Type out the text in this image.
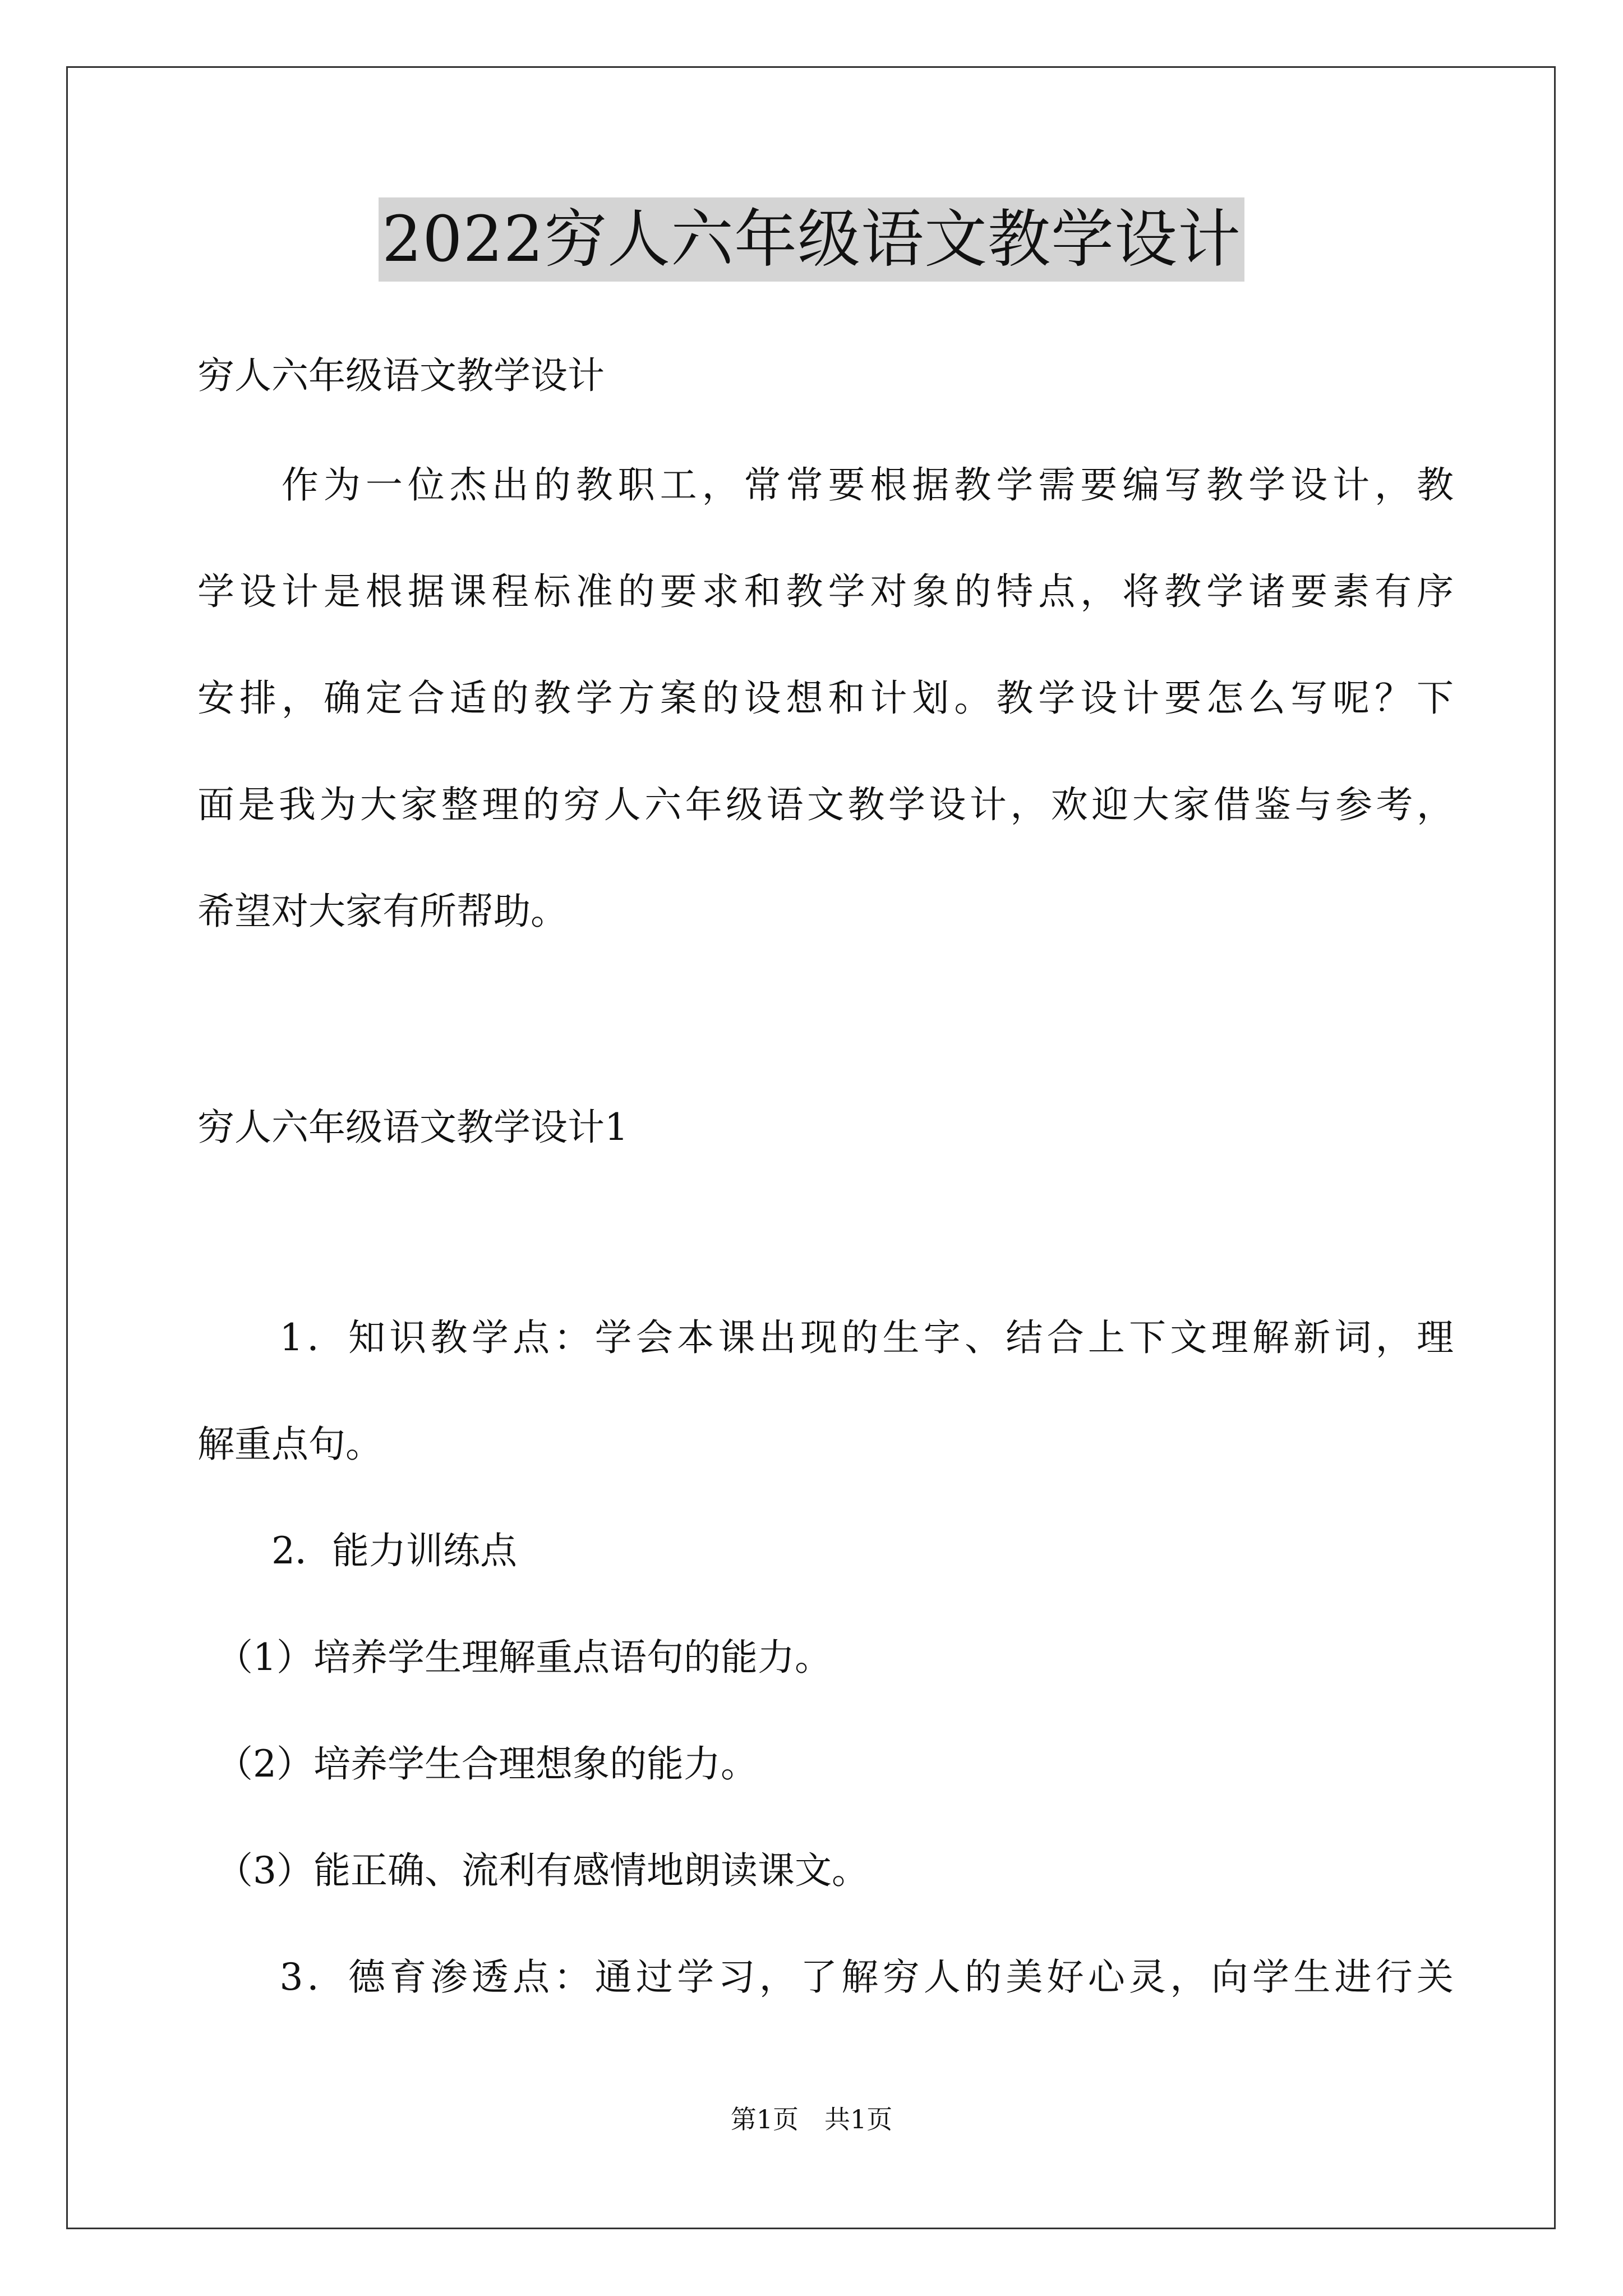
2022穷人六年级语文教学设计
穷人六年级语文教学设计
　　作为一位杰出的教职工，常常要根据教学需要编写教学设计，教
学设计是根据课程标准的要求和教学对象的特点，将教学诸要素有序
安排，确定合适的教学方案的设想和计划。教学设计要怎么写呢？下
面是我为大家整理的穷人六年级语文教学设计，欢迎大家借鉴与参考，
希望对大家有所帮助。
穷人六年级语文教学设计1
　　1．知识教学点：学会本课出现的生字、结合上下文理解新词，理
解重点句。
　　2．能力训练点
　（1）培养学生理解重点语句的能力。
　（2）培养学生合理想象的能力。
　（3）能正确、流利有感情地朗读课文。
　　3．德育渗透点：通过学习，了解穷人的美好心灵，向学生进行关
第1页　共1页
